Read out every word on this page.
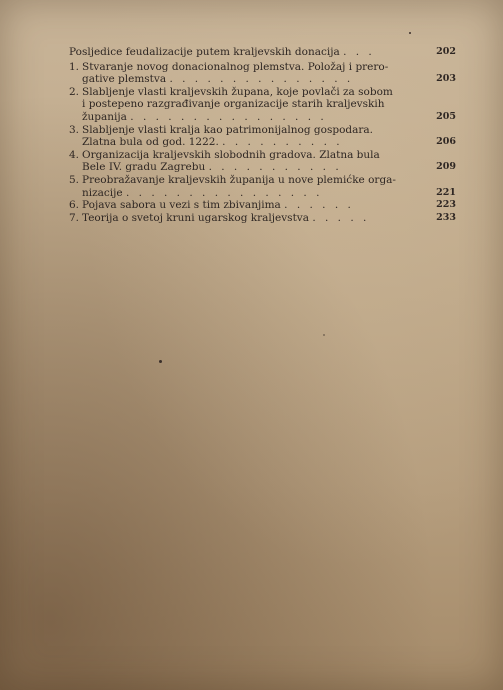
Posljedice feudalizacije putem kraljevskih donacija . . .	202
1. Stvaranje novog donacionalnog plemstva. Položaj i prero-
gative plemstva . . . . . . . . . . . . . . .	203
2. Slabljenje vlasti kraljevskih župana, koje povlači za sobom
i postepeno razgrađivanje organizacije starih kraljevskih
županija . . . . . . . . . . . . . . . .	205
3. Slabljenje vlasti kralja kao patrimonijalnog gospodara.
Zlatna bula od god. 1222. . . . . . . . . . .	206
4. Organizacija kraljevskih slobodnih gradova. Zlatna bula
Bele IV. gradu Zagrebu . . . . . . . . . . .	209
5. Preobražavanje kraljevskih županija u nove plemićke orga-
nizacije . . . . . . . . . . . . . . . .	221
6. Pojava sabora u vezi s tim zbivanjima . . . . . .	223
7. Teorija o svetoj kruni ugarskog kraljevstva . . . . .	233
